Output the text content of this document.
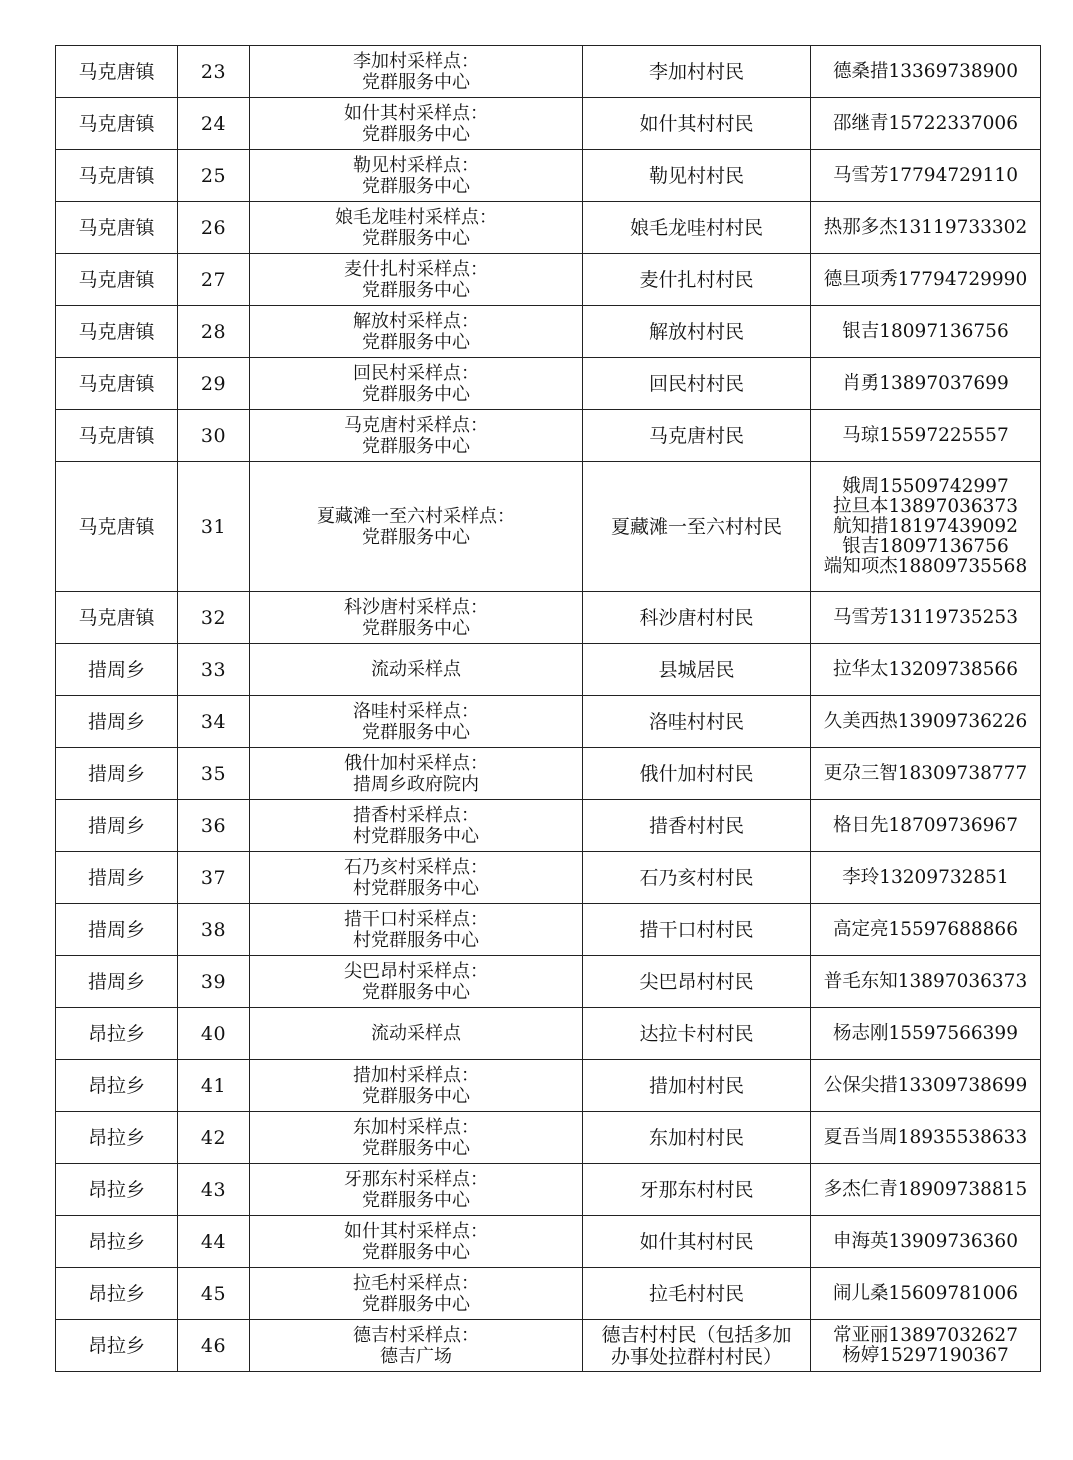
马克唐镇	23	李加村采样点：
党群服务中心	李加村村民	德桑措13369738900

马克唐镇	24	如什其村采样点：
党群服务中心	如什其村村民	邵继青15722337006

马克唐镇	25	勒见村采样点：
党群服务中心	勒见村村民	马雪芳17794729110

马克唐镇	26	娘毛龙哇村采样点：
党群服务中心	娘毛龙哇村村民	热那多杰13119733302

马克唐镇	27	麦什扎村采样点：
党群服务中心	麦什扎村村民	德旦项秀17794729990

马克唐镇	28	解放村采样点：
党群服务中心	解放村村民	银吉18097136756

马克唐镇	29	回民村采样点：
党群服务中心	回民村村民	肖勇13897037699

马克唐镇	30	马克唐村采样点：
党群服务中心	马克唐村民	马琼15597225557

马克唐镇	31	夏藏滩一至六村采样点：
党群服务中心	夏藏滩一至六村村民	娥周15509742997
拉旦本13897036373
航知措18197439092
银吉18097136756
端知项杰18809735568

马克唐镇	32	科沙唐村采样点：
党群服务中心	科沙唐村村民	马雪芳13119735253

措周乡	33	流动采样点	县城居民	拉华太13209738566

措周乡	34	洛哇村采样点：
党群服务中心	洛哇村村民	久美西热13909736226

措周乡	35	俄什加村采样点：
措周乡政府院内	俄什加村村民	更尕三智18309738777

措周乡	36	措香村采样点：
村党群服务中心	措香村村民	格日先18709736967

措周乡	37	石乃亥村采样点：
村党群服务中心	石乃亥村村民	李玲13209732851

措周乡	38	措干口村采样点：
村党群服务中心	措干口村村民	高定亮15597688866

措周乡	39	尖巴昂村采样点：
党群服务中心	尖巴昂村村民	普毛东知13897036373

昂拉乡	40	流动采样点	达拉卡村村民	杨志刚15597566399

昂拉乡	41	措加村采样点：
党群服务中心	措加村村民	公保尖措13309738699

昂拉乡	42	东加村采样点：
党群服务中心	东加村村民	夏吾当周18935538633

昂拉乡	43	牙那东村采样点：
党群服务中心	牙那东村村民	多杰仁青18909738815

昂拉乡	44	如什其村采样点：
党群服务中心	如什其村村民	申海英13909736360

昂拉乡	45	拉毛村采样点：
党群服务中心	拉毛村村民	闹儿桑15609781006

昂拉乡	46	德吉村采样点：
德吉广场	德吉村村民（包括多加
办事处拉群村村民）	常亚丽13897032627
杨婷15297190367
